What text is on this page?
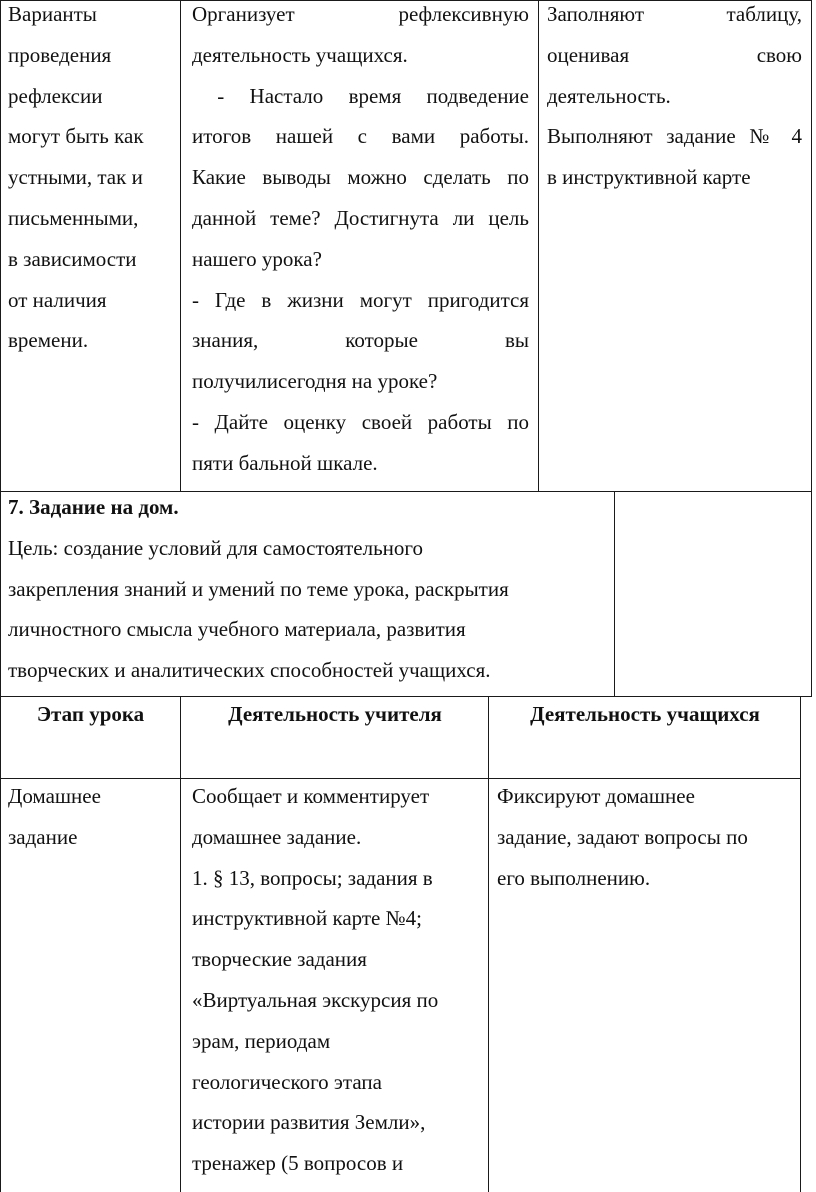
Варианты

проведения

рефлексии

могут быть как

устными, так и

письменными,

в зависимости

от наличия

времени.

Организует рефлексивную

деятельность учащихся.

- Настало время подведение

итогов нашей с вами работы.

Какие выводы можно сделать по

данной теме? Достигнута ли цель

нашего урока?

- Где в жизни могут пригодится

знания, которые вы

получилисегодня на уроке?

- Дайте оценку своей работы по

пяти бальной шкале.

Заполняют таблицу,

оценивая свою

деятельность.

Выполняют задание № 4

в инструктивной карте

7. Задание на дом.

Цель: создание условий для самостоятельного

закрепления знаний и умений по теме урока, раскрытия

личностного смысла учебного материала, развития

творческих и аналитических способностей учащихся.

Этап урока	Деятельность учителя	Деятельность учащихся

Домашнее

задание

Сообщает и комментирует

домашнее задание.

1. § 13, вопросы; задания в

инструктивной карте №4;

творческие задания

«Виртуальная экскурсия по

эрам, периодам

геологического этапа

истории развития Земли»,

тренажер (5 вопросов и

Фиксируют домашнее

задание, задают вопросы по

его выполнению.
